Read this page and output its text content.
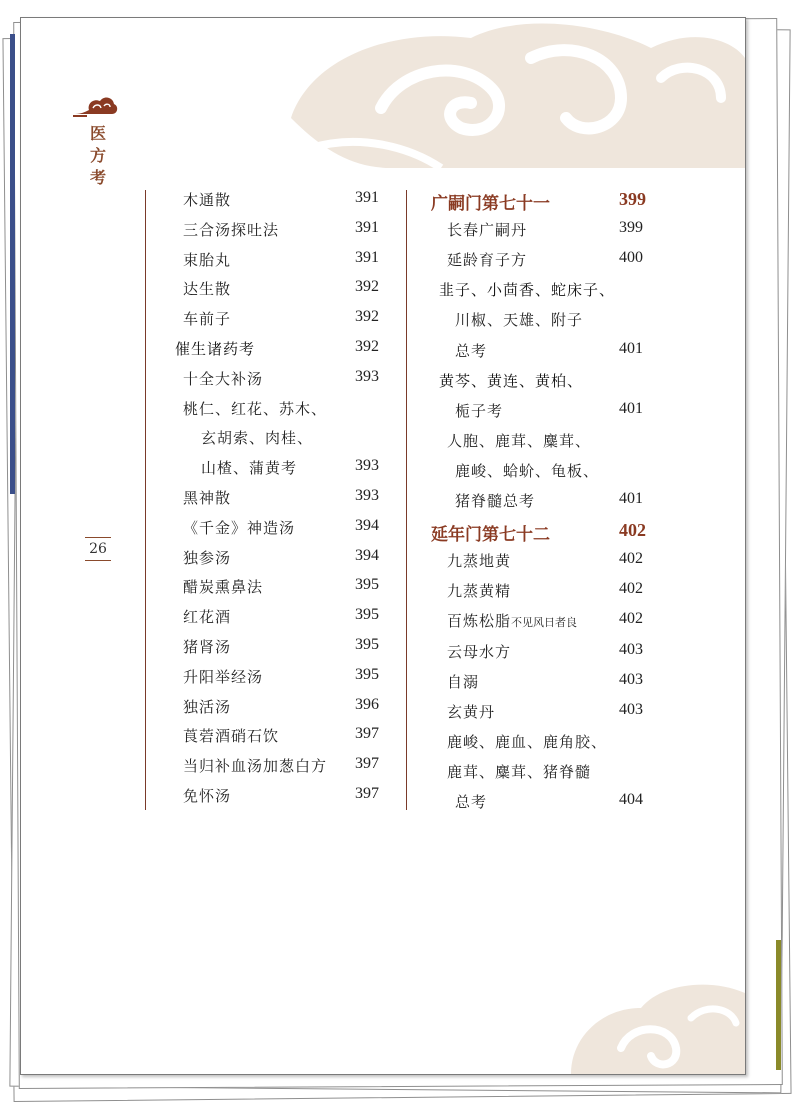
医方考
26
木通散	391
三合汤探吐法	391
束胎丸	391
达生散	392
车前子	392
催生诸药考	392
十全大补汤	393
桃仁、红花、苏木、
玄胡索、肉桂、
山楂、蒲黄考	393
黑神散	393
《千金》神造汤	394
独参汤	394
醋炭熏鼻法	395
红花酒	395
猪肾汤	395
升阳举经汤	395
独活汤	396
莨菪酒硝石饮	397
当归补血汤加葱白方 397
免怀汤	397
广嗣门第七十一	399
长春广嗣丹	399
延龄育子方	400
韭子、小茴香、蛇床子、
川椒、天雄、附子
总考	401
黄芩、黄连、黄柏、
栀子考	401
人胞、鹿茸、麋茸、
鹿峻、蛤蚧、龟板、
猪脊髓总考	401
延年门第七十二	402
九蒸地黄	402
九蒸黄精	402
百炼松脂不见风日者良	402
云母水方	403
自溺	403
玄黄丹	403
鹿峻、鹿血、鹿角胶、
鹿茸、麋茸、猪脊髓
总考	404
